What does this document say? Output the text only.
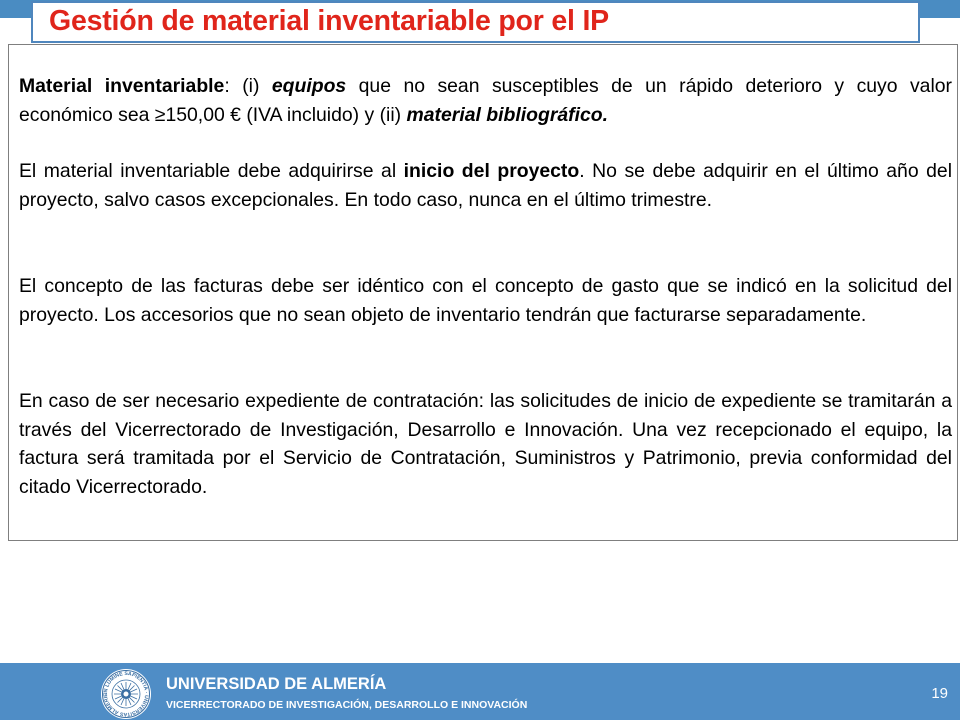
Gestión de material inventariable por el IP

Material inventariable: (i) equipos que no sean susceptibles de un rápido deterioro y cuyo valor económico sea ≥150,00 € (IVA incluido) y (ii) material bibliográfico.

El material inventariable debe adquirirse al inicio del proyecto. No se debe adquirir en el último año del proyecto, salvo casos excepcionales. En todo caso, nunca en el último trimestre.

El concepto de las facturas debe ser idéntico con el concepto de gasto que se indicó en la solicitud del proyecto. Los accesorios que no sean objeto de inventario tendrán que facturarse separadamente.

En caso de ser necesario expediente de contratación: las solicitudes de inicio de expediente se tramitarán a través del Vicerrectorado de Investigación, Desarrollo e Innovación. Una vez recepcionado el equipo, la factura será tramitada por el Servicio de Contratación, Suministros y Patrimonio, previa conformidad del citado Vicerrectorado.

IN LUMINE SAPIENTIA · UNIVERSITAS ALMERIE
UNIVERSIDAD DE ALMERÍA
VICERRECTORADO DE INVESTIGACIÓN, DESARROLLO E INNOVACIÓN
19
